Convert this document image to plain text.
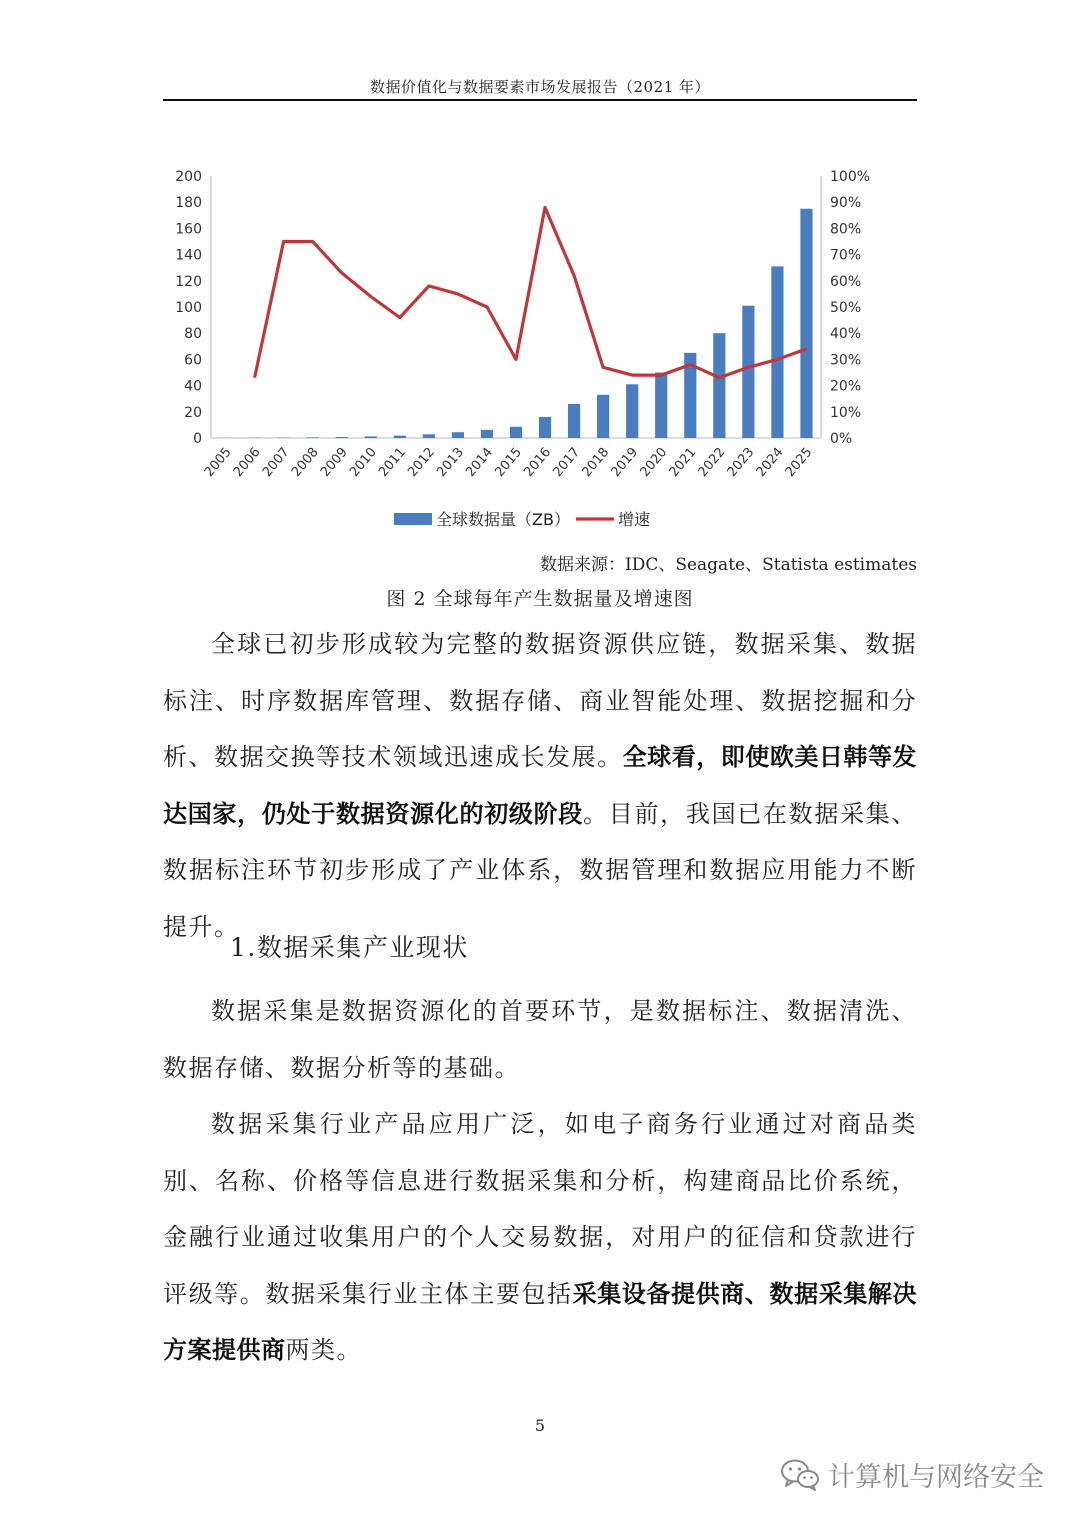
数据价值化与数据要素市场发展报告（2021 年）
0
20
40
60
80
100
120
140
160
180
200
0%
10%
20%
30%
40%
50%
60%
70%
80%
90%
100%
2005
2006
2007
2008
2009
2010
2011
2012
2013
2014
2015
2016
2017
2018
2019
2020
2021
2022
2023
2024
2025
全球数据量（ZB）	增速
数据来源：IDC、Seagate、Statista estimates
图 2 全球每年产生数据量及增速图

全球已初步形成较为完整的数据资源供应链，数据采集、数据标注、时序数据库管理、数据存储、商业智能处理、数据挖掘和分析、数据交换等技术领域迅速成长发展。全球看，即使欧美日韩等发达国家，仍处于数据资源化的初级阶段。目前，我国已在数据采集、数据标注环节初步形成了产业体系，数据管理和数据应用能力不断提升。

1.数据采集产业现状

数据采集是数据资源化的首要环节，是数据标注、数据清洗、数据存储、数据分析等的基础。

数据采集行业产品应用广泛，如电子商务行业通过对商品类别、名称、价格等信息进行数据采集和分析，构建商品比价系统，金融行业通过收集用户的个人交易数据，对用户的征信和贷款进行评级等。数据采集行业主体主要包括采集设备提供商、数据采集解决方案提供商两类。

5
计算机与网络安全
